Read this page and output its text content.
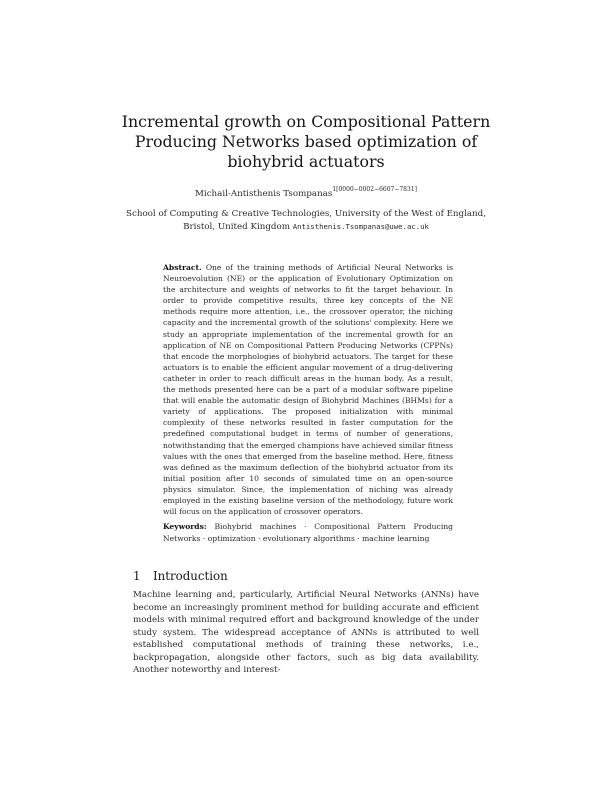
Incremental growth on Compositional Pattern Producing Networks based optimization of biohybrid actuators
Michail-Antisthenis Tsompanas$^{1[0000-0002-6607-7831]}$
School of Computing & Creative Technologies, University of the West of England, Bristol, United Kingdom Antisthenis.Tsompanas@uwe.ac.uk
Abstract. One of the training methods of Artificial Neural Networks is Neuroevolution (NE) or the application of Evolutionary Optimization on the architecture and weights of networks to fit the target behaviour. In order to provide competitive results, three key concepts of the NE methods require more attention, i.e., the crossover operator, the niching capacity and the incremental growth of the solutions' complexity. Here we study an appropriate implementation of the incremental growth for an application of NE on Compositional Pattern Producing Networks (CPPNs) that encode the morphologies of biohybrid actuators. The target for these actuators is to enable the efficient angular movement of a drug-delivering catheter in order to reach difficult areas in the human body. As a result, the methods presented here can be a part of a modular software pipeline that will enable the automatic design of Biohybrid Machines (BHMs) for a variety of applications. The proposed initialization with minimal complexity of these networks resulted in faster computation for the predefined computational budget in terms of number of generations, notwithstanding that the emerged champions have achieved similar fitness values with the ones that emerged from the baseline method. Here, fitness was defined as the maximum deflection of the biohybrid actuator from its initial position after 10 seconds of simulated time on an open-source physics simulator. Since, the implementation of niching was already employed in the existing baseline version of the methodology, future work will focus on the application of crossover operators.
Keywords: Biohybrid machines · Compositional Pattern Producing Networks · optimization · evolutionary algorithms · machine learning
1 Introduction
Machine learning and, particularly, Artificial Neural Networks (ANNs) have become an increasingly prominent method for building accurate and efficient models with minimal required effort and background knowledge of the under study system. The widespread acceptance of ANNs is attributed to well established computational methods of training these networks, i.e., backpropagation, alongside other factors, such as big data availability. Another noteworthy and interest-
